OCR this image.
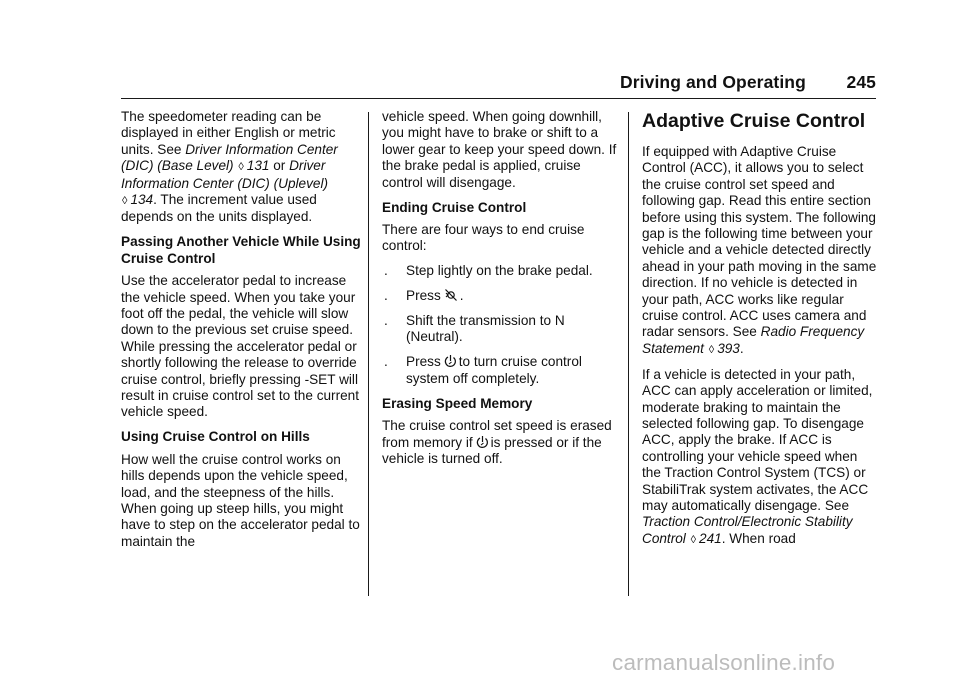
Driving and Operating 245

The speedometer reading can be displayed in either English or metric units. See Driver Information Center (DIC) (Base Level) ◊ 131 or Driver Information Center (DIC) (Uplevel) ◊ 134. The increment value used depends on the units displayed.

Passing Another Vehicle While Using Cruise Control

Use the accelerator pedal to increase the vehicle speed. When you take your foot off the pedal, the vehicle will slow down to the previous set cruise speed. While pressing the accelerator pedal or shortly following the release to override cruise control, briefly pressing -SET will result in cruise control set to the current vehicle speed.

Using Cruise Control on Hills

How well the cruise control works on hills depends upon the vehicle speed, load, and the steepness of the hills. When going up steep hills, you might have to step on the accelerator pedal to maintain the

vehicle speed. When going downhill, you might have to brake or shift to a lower gear to keep your speed down. If the brake pedal is applied, cruise control will disengage.

Ending Cruise Control

There are four ways to end cruise control:

.	Step lightly on the brake pedal.
.	Press .
.	Shift the transmission to N (Neutral).
.	Press to turn cruise control system off completely.

Erasing Speed Memory

The cruise control set speed is erased from memory if is pressed or if the vehicle is turned off.

Adaptive Cruise Control

If equipped with Adaptive Cruise Control (ACC), it allows you to select the cruise control set speed and following gap. Read this entire section before using this system. The following gap is the following time between your vehicle and a vehicle detected directly ahead in your path moving in the same direction. If no vehicle is detected in your path, ACC works like regular cruise control. ACC uses camera and radar sensors. See Radio Frequency Statement ◊ 393.

If a vehicle is detected in your path, ACC can apply acceleration or limited, moderate braking to maintain the selected following gap. To disengage ACC, apply the brake. If ACC is controlling your vehicle speed when the Traction Control System (TCS) or StabiliTrak system activates, the ACC may automatically disengage. See Traction Control/Electronic Stability Control ◊ 241. When road

carmanualsonline.info
